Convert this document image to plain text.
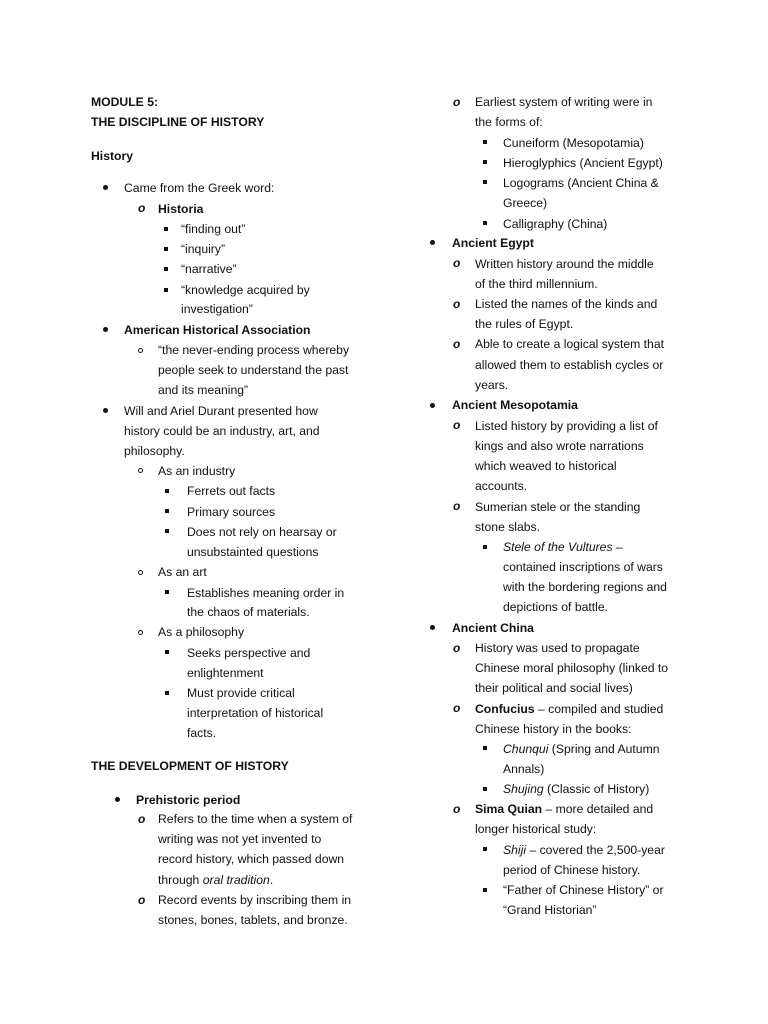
MODULE 5:
THE DISCIPLINE OF HISTORY
History
Came from the Greek word:
o Historia
“finding out”
“inquiry”
“narrative”
“knowledge acquired by
investigation”
American Historical Association
“the never-ending process whereby
people seek to understand the past
and its meaning”
Will and Ariel Durant presented how
history could be an industry, art, and
philosophy.
As an industry
Ferrets out facts
Primary sources
Does not rely on hearsay or
unsubstainted questions
As an art
Establishes meaning order in
the chaos of materials.
As a philosophy
Seeks perspective and
enlightenment
Must provide critical
interpretation of historical
facts.
THE DEVELOPMENT OF HISTORY
Prehistoric period
o Refers to the time when a system of
writing was not yet invented to
record history, which passed down
through oral tradition.
o Record events by inscribing them in
stones, bones, tablets, and bronze.
o Earliest system of writing were in
the forms of:
Cuneiform (Mesopotamia)
Hieroglyphics (Ancient Egypt)
Logograms (Ancient China &
Greece)
Calligraphy (China)
Ancient Egypt
o Written history around the middle
of the third millennium.
o Listed the names of the kinds and
the rules of Egypt.
o Able to create a logical system that
allowed them to establish cycles or
years.
Ancient Mesopotamia
o Listed history by providing a list of
kings and also wrote narrations
which weaved to historical
accounts.
o Sumerian stele or the standing
stone slabs.
Stele of the Vultures –
contained inscriptions of wars
with the bordering regions and
depictions of battle.
Ancient China
o History was used to propagate
Chinese moral philosophy (linked to
their political and social lives)
o Confucius – compiled and studied
Chinese history in the books:
Chunqui (Spring and Autumn
Annals)
Shujing (Classic of History)
o Sima Quian – more detailed and
longer historical study:
Shiji – covered the 2,500-year
period of Chinese history.
“Father of Chinese History” or
“Grand Historian”
